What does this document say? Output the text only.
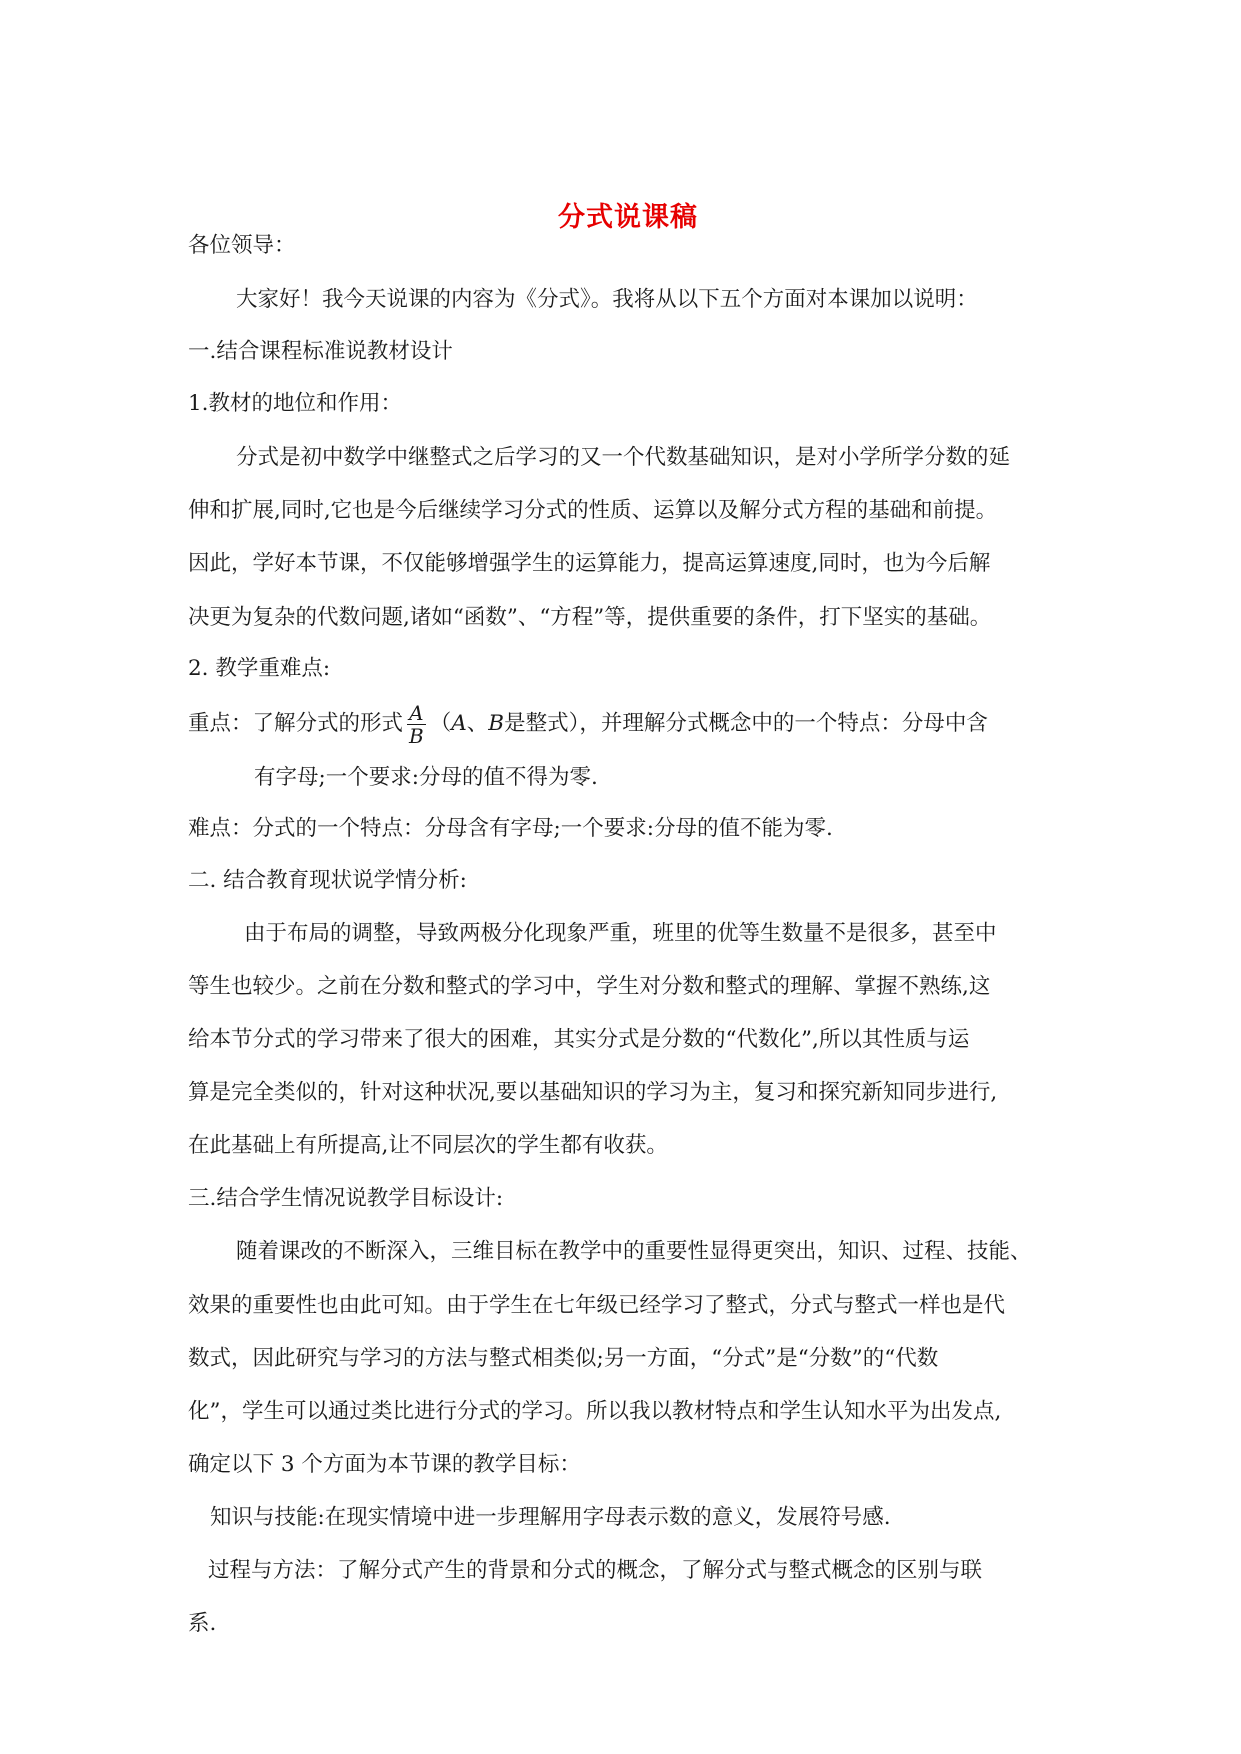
分式说课稿
各位领导：
大家好！我今天说课的内容为《分式》。我将从以下五个方面对本课加以说明：
一.结合课程标准说教材设计
1.教材的地位和作用：
分式是初中数学中继整式之后学习的又一个代数基础知识，是对小学所学分数的延
伸和扩展,同时,它也是今后继续学习分式的性质、运算以及解分式方程的基础和前提。
因此，学好本节课，不仅能够增强学生的运算能力，提高运算速度,同时，也为今后解
决更为复杂的代数问题,诸如“函数”、“方程”等，提供重要的条件，打下坚实的基础。
2. 教学重难点:
重点：了解分式的形式 $\frac{A}{B} (A$、B是整式），并理解分式概念中的一个特点：分母中含
有字母;一个要求:分母的值不得为零.
难点：分式的一个特点：分母含有字母;一个要求:分母的值不能为零.
二. 结合教育现状说学情分析:
由于布局的调整，导致两极分化现象严重，班里的优等生数量不是很多，甚至中
等生也较少。之前在分数和整式的学习中，学生对分数和整式的理解、掌握不熟练,这
给本节分式的学习带来了很大的困难，其实分式是分数的“代数化”,所以其性质与运
算是完全类似的，针对这种状况,要以基础知识的学习为主，复习和探究新知同步进行,
在此基础上有所提高,让不同层次的学生都有收获。
三.结合学生情况说教学目标设计:
随着课改的不断深入，三维目标在教学中的重要性显得更突出，知识、过程、技能、
效果的重要性也由此可知。由于学生在七年级已经学习了整式，分式与整式一样也是代
数式，因此研究与学习的方法与整式相类似;另一方面，“分式”是“分数”的“代数
化”，学生可以通过类比进行分式的学习。所以我以教材特点和学生认知水平为出发点,
确定以下 3 个方面为本节课的教学目标：
知识与技能:在现实情境中进一步理解用字母表示数的意义，发展符号感.
过程与方法：了解分式产生的背景和分式的概念，了解分式与整式概念的区别与联
系.
